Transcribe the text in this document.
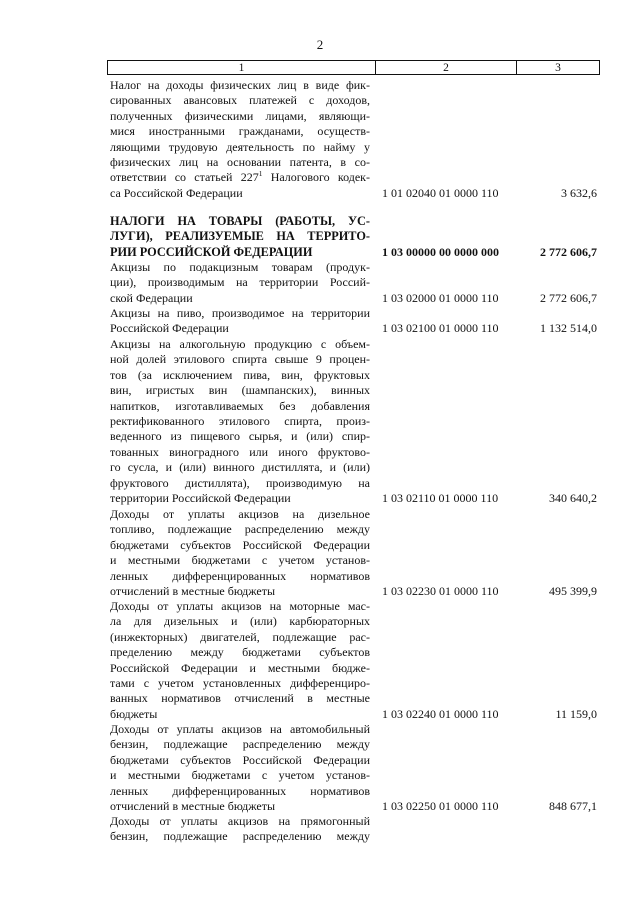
2
1	2	3
Налог на доходы физических лиц в виде фик-
сированных авансовых платежей с доходов,
полученных физическими лицами, являющи-
мися иностранными гражданами, осуществ-
ляющими трудовую деятельность по найму у
физических лиц на основании патента, в со-
ответствии со статьей $227^1$ Налогового кодек-
са Российской Федерации	1 01 02040 01 0000 110	3 632,6
НАЛОГИ НА ТОВАРЫ (РАБОТЫ, УС-
ЛУГИ), РЕАЛИЗУЕМЫЕ НА ТЕРРИТО-
РИИ РОССИЙСКОЙ ФЕДЕРАЦИИ	1 03 00000 00 0000 000	2 772 606,7
Акцизы по подакцизным товарам (продук-
ции), производимым на территории Россий-
ской Федерации	1 03 02000 01 0000 110	2 772 606,7
Акцизы на пиво, производимое на территории
Российской Федерации	1 03 02100 01 0000 110	1 132 514,0
Акцизы на алкогольную продукцию с объем-
ной долей этилового спирта свыше 9 процен-
тов (за исключением пива, вин, фруктовых
вин, игристых вин (шампанских), винных
напитков, изготавливаемых без добавления
ректификованного этилового спирта, произ-
веденного из пищевого сырья, и (или) спир-
тованных виноградного или иного фруктово-
го сусла, и (или) винного дистиллята, и (или)
фруктового дистиллята), производимую на
территории Российской Федерации	1 03 02110 01 0000 110	340 640,2
Доходы от уплаты акцизов на дизельное
топливо, подлежащие распределению между
бюджетами субъектов Российской Федерации
и местными бюджетами с учетом установ-
ленных дифференцированных нормативов
отчислений в местные бюджеты	1 03 02230 01 0000 110	495 399,9
Доходы от уплаты акцизов на моторные мас-
ла для дизельных и (или) карбюраторных
(инжекторных) двигателей, подлежащие рас-
пределению между бюджетами субъектов
Российской Федерации и местными бюдже-
тами с учетом установленных дифференциро-
ванных нормативов отчислений в местные
бюджеты	1 03 02240 01 0000 110	11 159,0
Доходы от уплаты акцизов на автомобильный
бензин, подлежащие распределению между
бюджетами субъектов Российской Федерации
и местными бюджетами с учетом установ-
ленных дифференцированных нормативов
отчислений в местные бюджеты	1 03 02250 01 0000 110	848 677,1
Доходы от уплаты акцизов на прямогонный
бензин, подлежащие распределению между
